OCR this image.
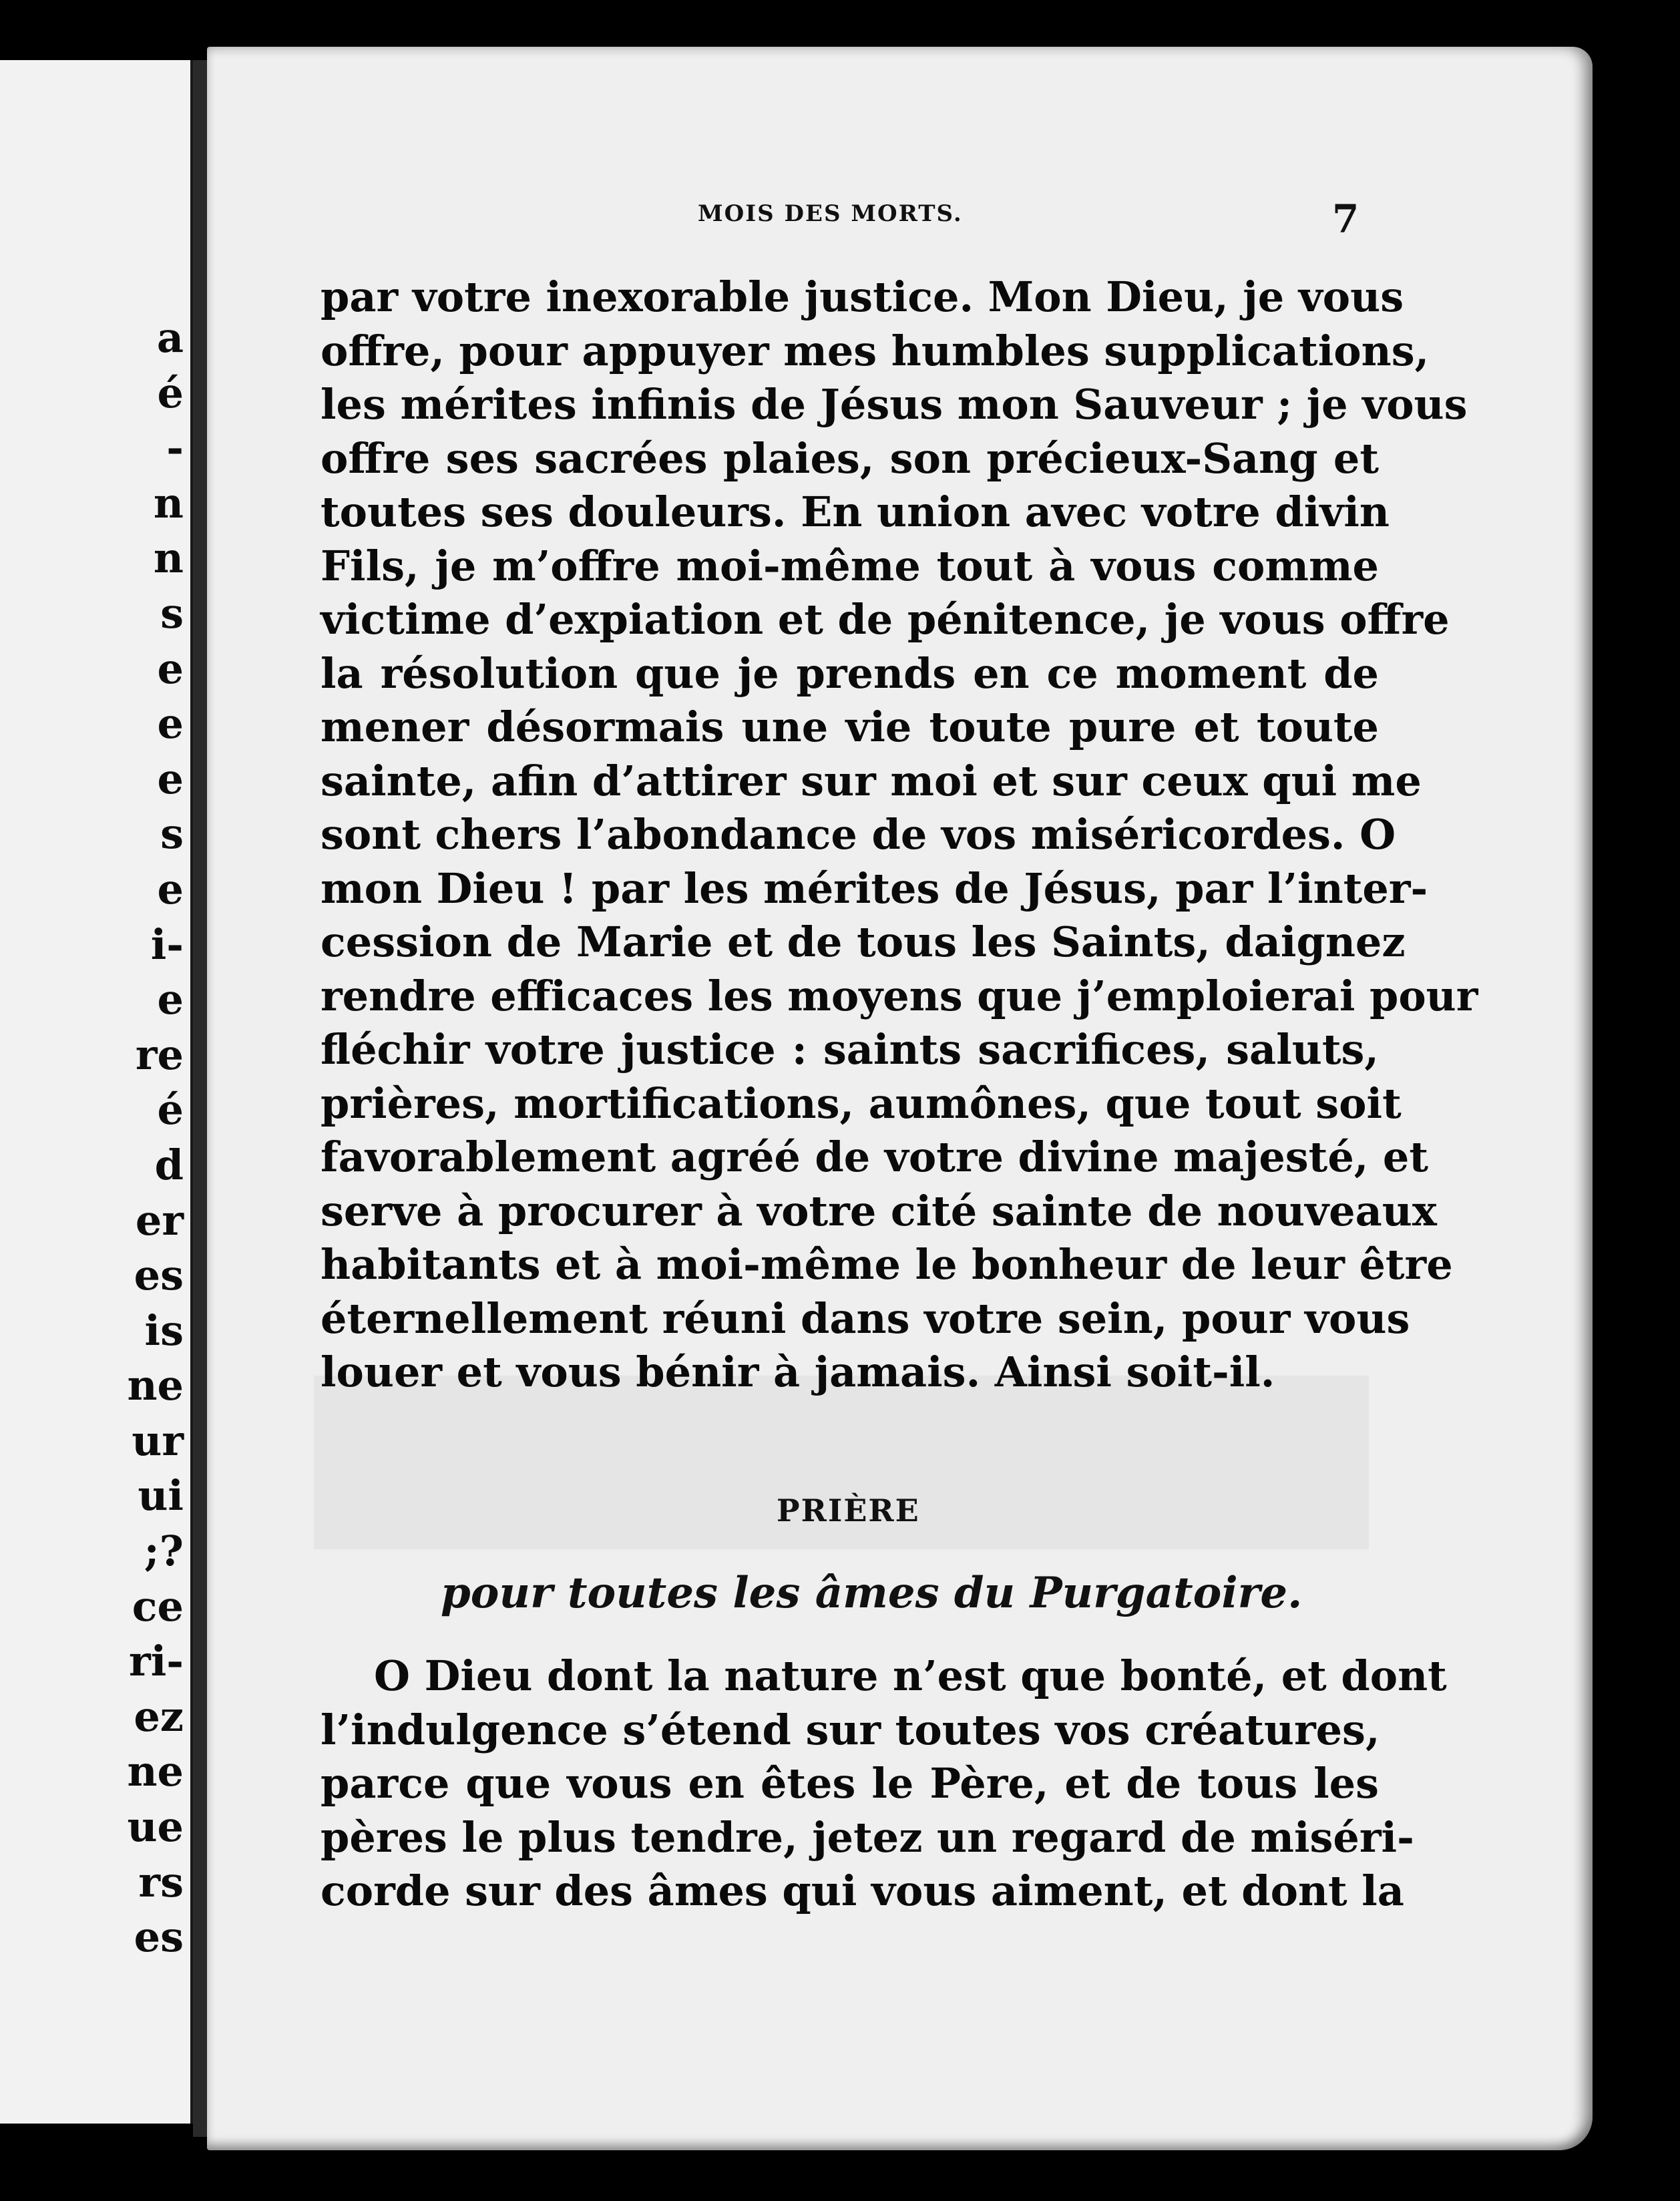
a
é
-
n
n
s
e
e
e
s
e
i-
e
re
é
d
er
es
is
ne
ur
ui
;?
ce
ri-
ez
ne
ue
rs
es
MOIS DES MORTS.	7
par votre inexorable justice. Mon Dieu, je vous
offre, pour appuyer mes humbles supplications,
les mérites infinis de Jésus mon Sauveur ; je vous
offre ses sacrées plaies, son précieux-Sang et
toutes ses douleurs. En union avec votre divin
Fils, je m’offre moi-même tout à vous comme
victime d’expiation et de pénitence, je vous offre
la résolution que je prends en ce moment de
mener désormais une vie toute pure et toute
sainte, afin d’attirer sur moi et sur ceux qui me
sont chers l’abondance de vos miséricordes. O
mon Dieu ! par les mérites de Jésus, par l’inter-
cession de Marie et de tous les Saints, daignez
rendre efficaces les moyens que j’emploierai pour
fléchir votre justice : saints sacrifices, saluts,
prières, mortifications, aumônes, que tout soit
favorablement agréé de votre divine majesté, et
serve à procurer à votre cité sainte de nouveaux
habitants et à moi-même le bonheur de leur être
éternellement réuni dans votre sein, pour vous
louer et vous bénir à jamais. Ainsi soit-il.
PRIÈRE
pour toutes les âmes du Purgatoire.
O Dieu dont la nature n’est que bonté, et dont
l’indulgence s’étend sur toutes vos créatures,
parce que vous en êtes le Père, et de tous les
pères le plus tendre, jetez un regard de miséri-
corde sur des âmes qui vous aiment, et dont la
